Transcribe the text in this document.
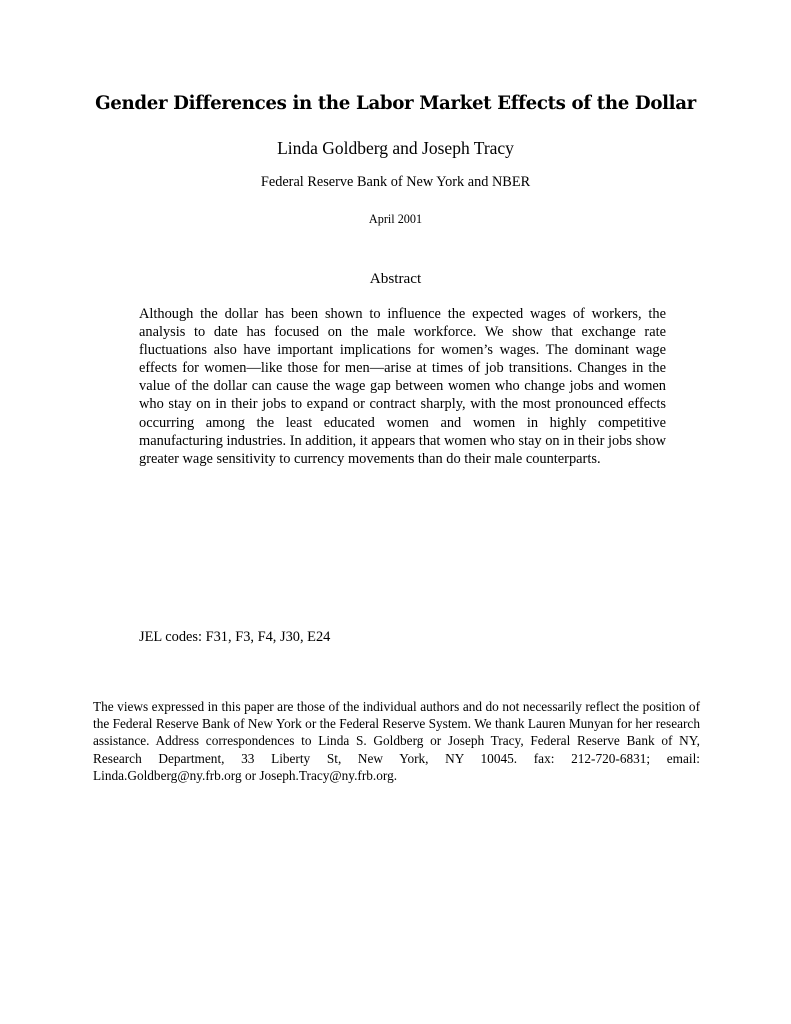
Gender Differences in the Labor Market Effects of the Dollar
Linda Goldberg and Joseph Tracy
Federal Reserve Bank of New York and NBER
April 2001
Abstract

Although the dollar has been shown to influence the expected wages of workers, the analysis to date has focused on the male workforce. We show that exchange rate fluctuations also have important implications for women’s wages. The dominant wage effects for women—like those for men—arise at times of job transitions. Changes in the value of the dollar can cause the wage gap between women who change jobs and women who stay on in their jobs to expand or contract sharply, with the most pronounced effects occurring among the least educated women and women in highly competitive manufacturing industries. In addition, it appears that women who stay on in their jobs show greater wage sensitivity to currency movements than do their male counterparts.

JEL codes: F31, F3, F4, J30, E24

The views expressed in this paper are those of the individual authors and do not necessarily reflect the position of the Federal Reserve Bank of New York or the Federal Reserve System. We thank Lauren Munyan for her research assistance. Address correspondences to Linda S. Goldberg or Joseph Tracy, Federal Reserve Bank of NY, Research Department, 33 Liberty St, New York, NY 10045. fax: 212-720-6831; email: Linda.Goldberg@ny.frb.org or Joseph.Tracy@ny.frb.org.
